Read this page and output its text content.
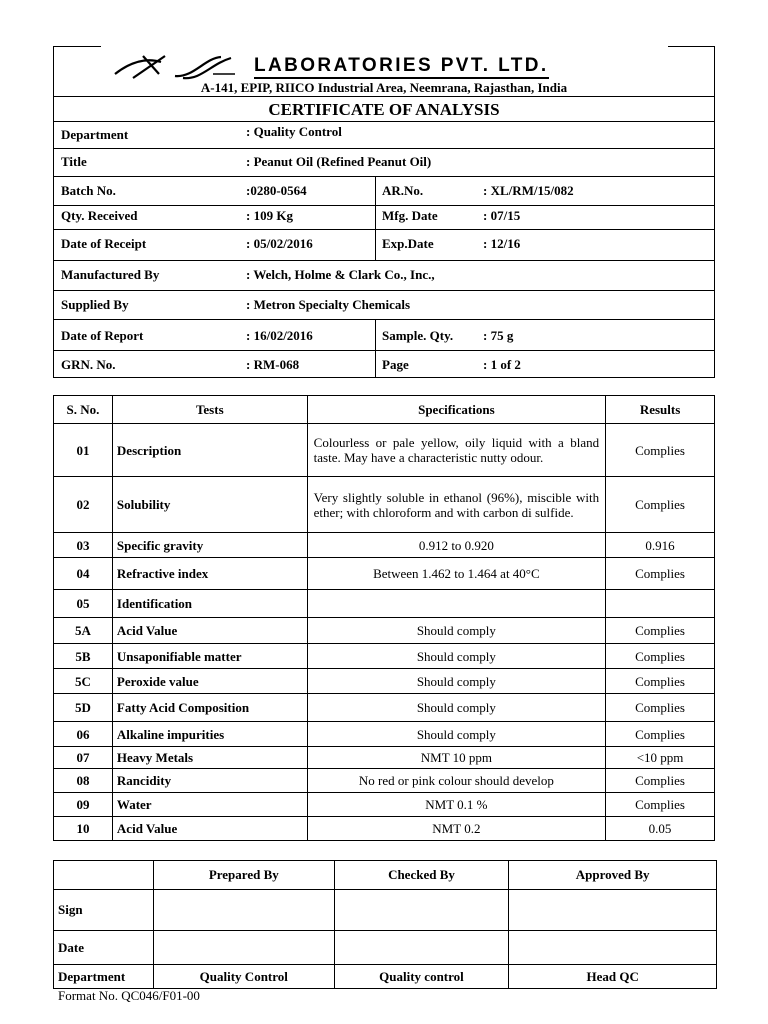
LABORATORIES PVT. LTD.
A-141, EPIP, RIICO Industrial Area, Neemrana, Rajasthan, India
CERTIFICATE OF ANALYSIS
Department	: Quality Control
Title	: Peanut Oil (Refined Peanut Oil)
Batch No.	:0280-0564	AR.No.	: XL/RM/15/082
Qty. Received	: 109 Kg	Mfg. Date	: 07/15
Date of Receipt	: 05/02/2016	Exp.Date	: 12/16
Manufactured By	: Welch, Holme & Clark Co., Inc.,
Supplied By	: Metron Specialty Chemicals
Date of Report	: 16/02/2016	Sample. Qty. : 75 g
GRN. No.	: RM-068	Page	: 1 of 2
S. No.	Tests	Specifications	Results
01	Description	Colourless or pale yellow, oily liquid with a bland taste. May have a characteristic nutty odour.	Complies
02	Solubility	Very slightly soluble in ethanol (96%), miscible with ether; with chloroform and with carbon di sulfide.	Complies
03	Specific gravity	0.912 to 0.920	0.916
04	Refractive index	Between 1.462 to 1.464 at 40°C	Complies
05	Identification		
5A	Acid Value	Should comply	Complies
5B	Unsaponifiable matter	Should comply	Complies
5C	Peroxide value	Should comply	Complies
5D	Fatty Acid Composition	Should comply	Complies
06	Alkaline impurities	Should comply	Complies
07	Heavy Metals	NMT 10 ppm	<10 ppm
08	Rancidity	No red or pink colour should develop	Complies
09	Water	NMT 0.1 %	Complies
10	Acid Value	NMT 0.2	0.05
	Prepared By	Checked By	Approved By
Sign			
Date			
Department	Quality Control	Quality control	Head QC
Format No. QC046/F01-00
